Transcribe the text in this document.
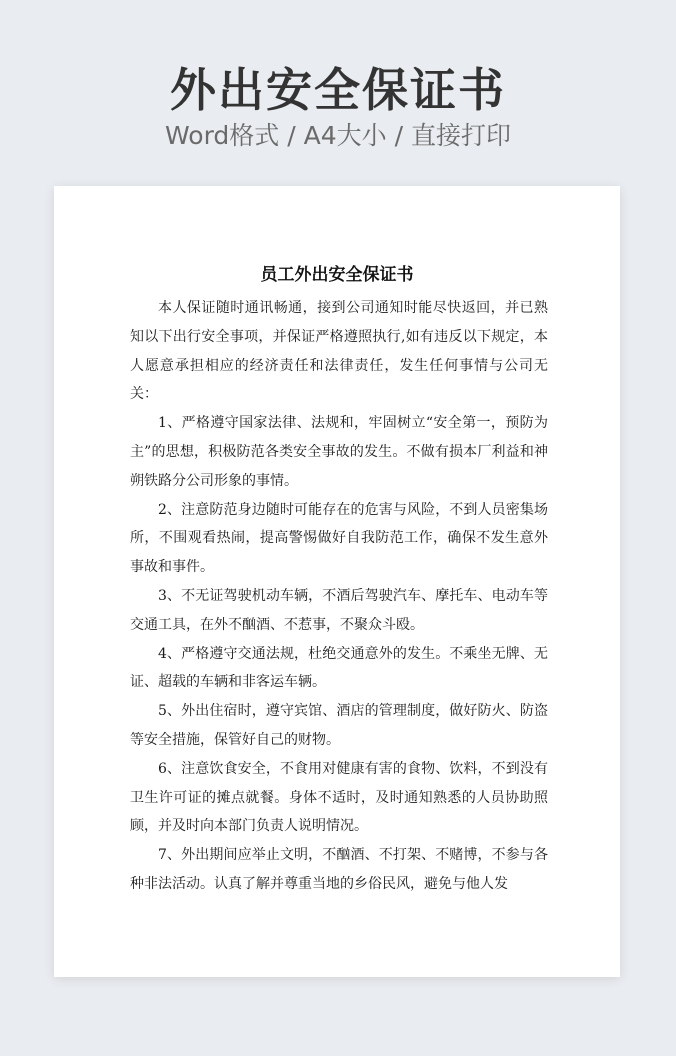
外出安全保证书
Word格式 / A4大小 / 直接打印
员工外出安全保证书

本人保证随时通讯畅通，接到公司通知时能尽快返回，并已熟知以下出行安全事项，并保证严格遵照执行,如有违反以下规定，本人愿意承担相应的经济责任和法律责任，发生任何事情与公司无关：

1、严格遵守国家法律、法规和，牢固树立“安全第一，预防为主”的思想，积极防范各类安全事故的发生。不做有损本厂利益和神朔铁路分公司形象的事情。

2、注意防范身边随时可能存在的危害与风险，不到人员密集场所，不围观看热闹，提高警惕做好自我防范工作，确保不发生意外事故和事件。

3、不无证驾驶机动车辆，不酒后驾驶汽车、摩托车、电动车等交通工具，在外不酗酒、不惹事，不聚众斗殴。

4、严格遵守交通法规，杜绝交通意外的发生。不乘坐无牌、无证、超载的车辆和非客运车辆。

5、外出住宿时，遵守宾馆、酒店的管理制度，做好防火、防盗等安全措施，保管好自己的财物。

6、注意饮食安全，不食用对健康有害的食物、饮料，不到没有卫生许可证的摊点就餐。身体不适时，及时通知熟悉的人员协助照顾，并及时向本部门负责人说明情况。

7、外出期间应举止文明，不酗酒、不打架、不赌博，不参与各种非法活动。认真了解并尊重当地的乡俗民风，避免与他人发
